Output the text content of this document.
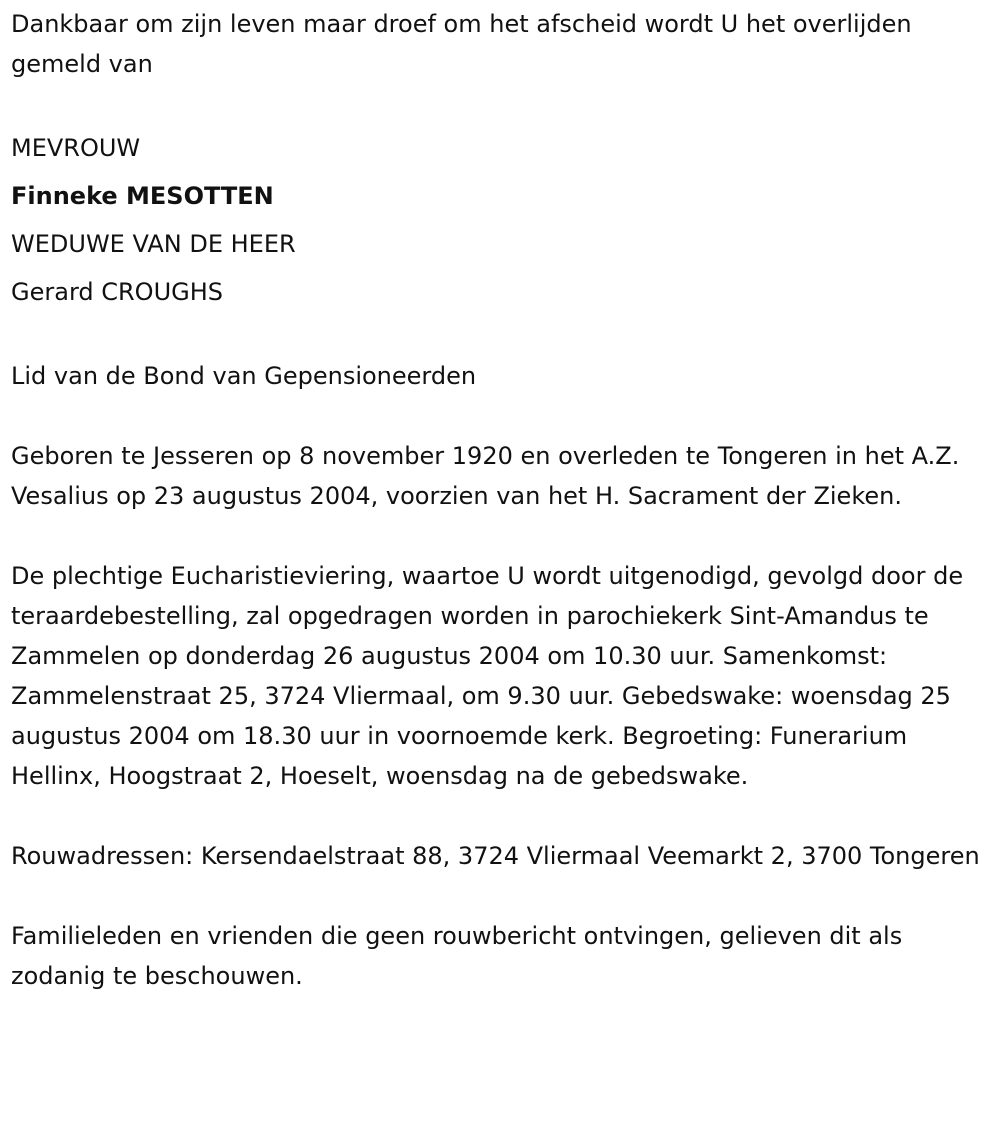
Dankbaar om zijn leven maar droef om het afscheid wordt U het overlijden gemeld van

MEVROUW
Finneke MESOTTEN
WEDUWE VAN DE HEER
Gerard CROUGHS

Lid van de Bond van Gepensioneerden

Geboren te Jesseren op 8 november 1920 en overleden te Tongeren in het A.Z. Vesalius op 23 augustus 2004, voorzien van het H. Sacrament der Zieken.

De plechtige Eucharistieviering, waartoe U wordt uitgenodigd, gevolgd door de teraardebestelling, zal opgedragen worden in parochiekerk Sint-Amandus te Zammelen op donderdag 26 augustus 2004 om 10.30 uur. Samenkomst: Zammelenstraat 25, 3724 Vliermaal, om 9.30 uur. Gebedswake: woensdag 25 augustus 2004 om 18.30 uur in voornoemde kerk. Begroeting: Funerarium Hellinx, Hoogstraat 2, Hoeselt, woensdag na de gebedswake.

Rouwadressen: Kersendaelstraat 88, 3724 Vliermaal Veemarkt 2, 3700 Tongeren

Familieleden en vrienden die geen rouwbericht ontvingen, gelieven dit als zodanig te beschouwen.
